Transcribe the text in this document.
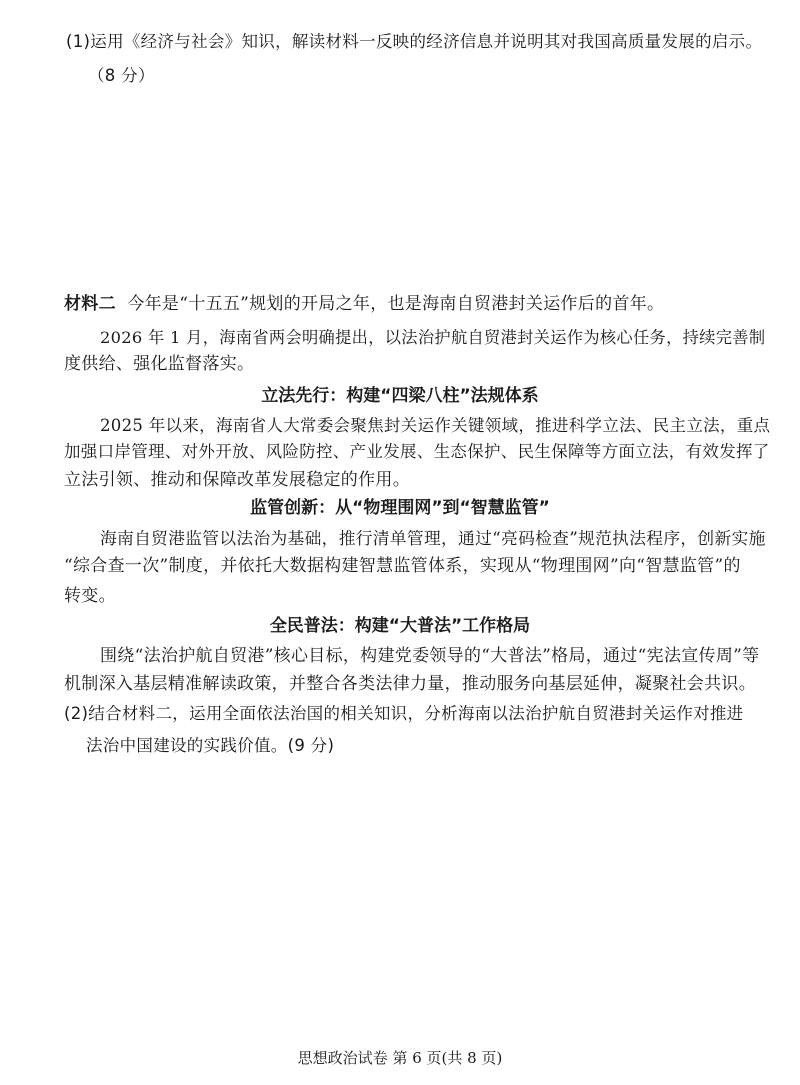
(1)运用《经济与社会》知识，解读材料一反映的经济信息并说明其对我国高质量发展的启示。
（8 分）
材料二 今年是“十五五”规划的开局之年，也是海南自贸港封关运作后的首年。
2026 年 1 月，海南省两会明确提出，以法治护航自贸港封关运作为核心任务，持续完善制
度供给、强化监督落实。
立法先行：构建“四梁八柱”法规体系
2025 年以来，海南省人大常委会聚焦封关运作关键领域，推进科学立法、民主立法，重点
加强口岸管理、对外开放、风险防控、产业发展、生态保护、民生保障等方面立法，有效发挥了
立法引领、推动和保障改革发展稳定的作用。
监管创新：从“物理围网”到“智慧监管”
海南自贸港监管以法治为基础，推行清单管理，通过“亮码检查”规范执法程序，创新实施
“综合查一次”制度，并依托大数据构建智慧监管体系，实现从“物理围网”向“智慧监管”的
转变。
全民普法：构建“大普法”工作格局
围绕“法治护航自贸港”核心目标，构建党委领导的“大普法”格局，通过“宪法宣传周”等
机制深入基层精准解读政策，并整合各类法律力量，推动服务向基层延伸，凝聚社会共识。
(2)结合材料二，运用全面依法治国的相关知识，分析海南以法治护航自贸港封关运作对推进
法治中国建设的实践价值。(9 分)
思想政治试卷 第 6 页(共 8 页)
